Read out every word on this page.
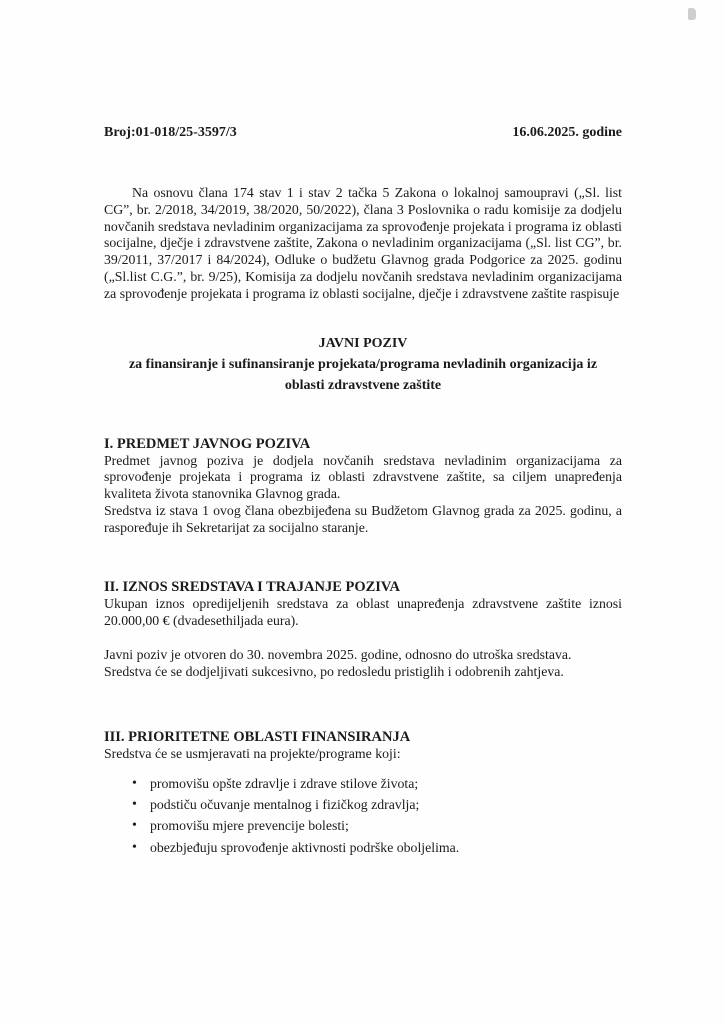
Broj:01-018/25-3597/3	16.06.2025. godine

Na osnovu člana 174 stav 1 i stav 2 tačka 5 Zakona o lokalnoj samoupravi („Sl. list CG”, br. 2/2018, 34/2019, 38/2020, 50/2022), člana 3 Poslovnika o radu komisije za dodjelu novčanih sredstava nevladinim organizacijama za sprovođenje projekata i programa iz oblasti socijalne, dječje i zdravstvene zaštite, Zakona o nevladinim organizacijama („Sl. list CG”, br. 39/2011, 37/2017 i 84/2024), Odluke o budžetu Glavnog grada Podgorice za 2025. godinu („Sl.list C.G.”, br. 9/25), Komisija za dodjelu novčanih sredstava nevladinim organizacijama za sprovođenje projekata i programa iz oblasti socijalne, dječje i zdravstvene zaštite raspisuje

JAVNI POZIV
za finansiranje i sufinansiranje projekata/programa nevladinih organizacija iz oblasti zdravstvene zaštite
I. PREDMET JAVNOG POZIVA

Predmet javnog poziva je dodjela novčanih sredstava nevladinim organizacijama za sprovođenje projekata i programa iz oblasti zdravstvene zaštite, sa ciljem unapređenja kvaliteta života stanovnika Glavnog grada.

Sredstva iz stava 1 ovog člana obezbijeđena su Budžetom Glavnog grada za 2025. godinu, a raspoređuje ih Sekretarijat za socijalno staranje.

II. IZNOS SREDSTAVA I TRAJANJE POZIVA

Ukupan iznos opredijeljenih sredstava za oblast unapređenja zdravstvene zaštite iznosi 20.000,00 € (dvadesethiljada eura).

Javni poziv je otvoren do 30. novembra 2025. godine, odnosno do utroška sredstava.

Sredstva će se dodjeljivati sukcesivno, po redosledu pristiglih i odobrenih zahtjeva.

III. PRIORITETNE OBLASTI FINANSIRANJA

Sredstva će se usmjeravati na projekte/programe koji:

• promovišu opšte zdravlje i zdrave stilove života;
• podstiču očuvanje mentalnog i fizičkog zdravlja;
• promovišu mjere prevencije bolesti;
• obezbjeđuju sprovođenje aktivnosti podrške oboljelima.
